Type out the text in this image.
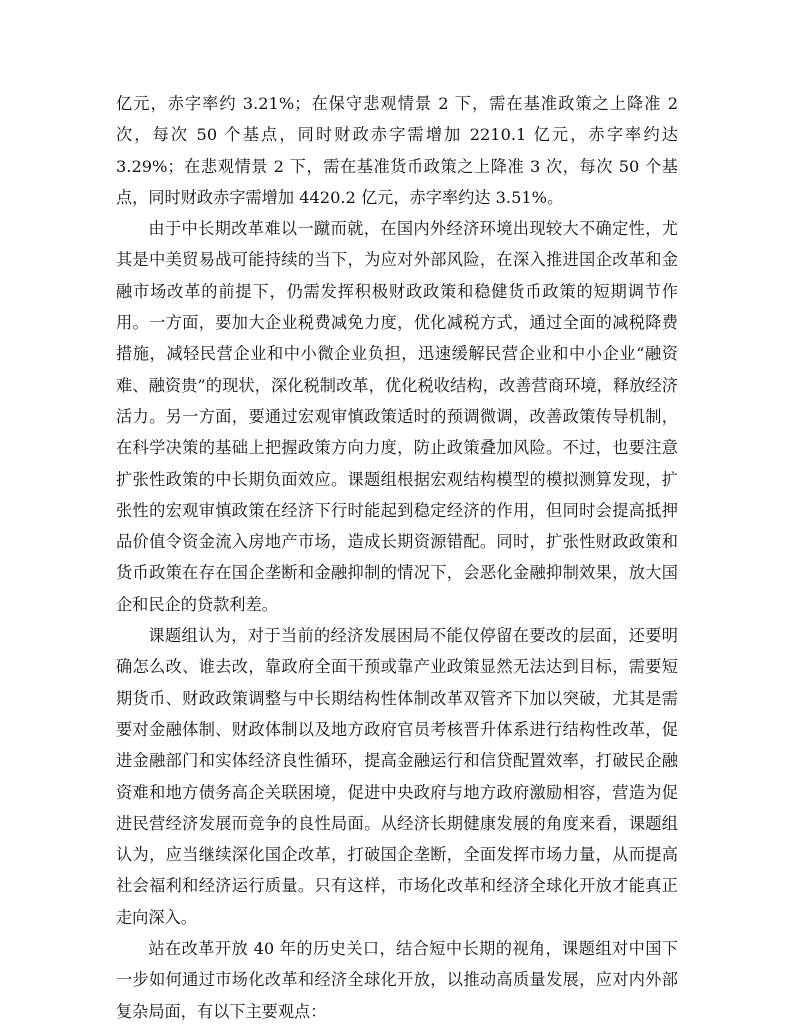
亿元，赤字率约 3.21%；在保守悲观情景 2 下，需在基准政策之上降准 2 次，每次 50 个基点，同时财政赤字需增加 2210.1 亿元，赤字率约达 3.29%；在悲观情景 2 下，需在基准货币政策之上降准 3 次，每次 50 个基点，同时财政赤字需增加 4420.2 亿元，赤字率约达 3.51%。

由于中长期改革难以一蹴而就，在国内外经济环境出现较大不确定性，尤其是中美贸易战可能持续的当下，为应对外部风险，在深入推进国企改革和金融市场改革的前提下，仍需发挥积极财政政策和稳健货币政策的短期调节作用。一方面，要加大企业税费减免力度，优化减税方式，通过全面的减税降费措施，减轻民营企业和中小微企业负担，迅速缓解民营企业和中小企业“融资难、融资贵”的现状，深化税制改革，优化税收结构，改善营商环境，释放经济活力。另一方面，要通过宏观审慎政策适时的预调微调，改善政策传导机制，在科学决策的基础上把握政策方向力度，防止政策叠加风险。不过，也要注意扩张性政策的中长期负面效应。课题组根据宏观结构模型的模拟测算发现，扩张性的宏观审慎政策在经济下行时能起到稳定经济的作用，但同时会提高抵押品价值令资金流入房地产市场，造成长期资源错配。同时，扩张性财政政策和货币政策在存在国企垄断和金融抑制的情况下，会恶化金融抑制效果，放大国企和民企的贷款利差。

课题组认为，对于当前的经济发展困局不能仅停留在要改的层面，还要明确怎么改、谁去改，靠政府全面干预或靠产业政策显然无法达到目标，需要短期货币、财政政策调整与中长期结构性体制改革双管齐下加以突破，尤其是需要对金融体制、财政体制以及地方政府官员考核晋升体系进行结构性改革，促进金融部门和实体经济良性循环，提高金融运行和信贷配置效率，打破民企融资难和地方债务高企关联困境，促进中央政府与地方政府激励相容，营造为促进民营经济发展而竞争的良性局面。从经济长期健康发展的角度来看，课题组认为，应当继续深化国企改革，打破国企垄断，全面发挥市场力量，从而提高社会福利和经济运行质量。只有这样，市场化改革和经济全球化开放才能真正走向深入。

站在改革开放 40 年的历史关口，结合短中长期的视角，课题组对中国下一步如何通过市场化改革和经济全球化开放，以推动高质量发展，应对内外部复杂局面，有以下主要观点：
